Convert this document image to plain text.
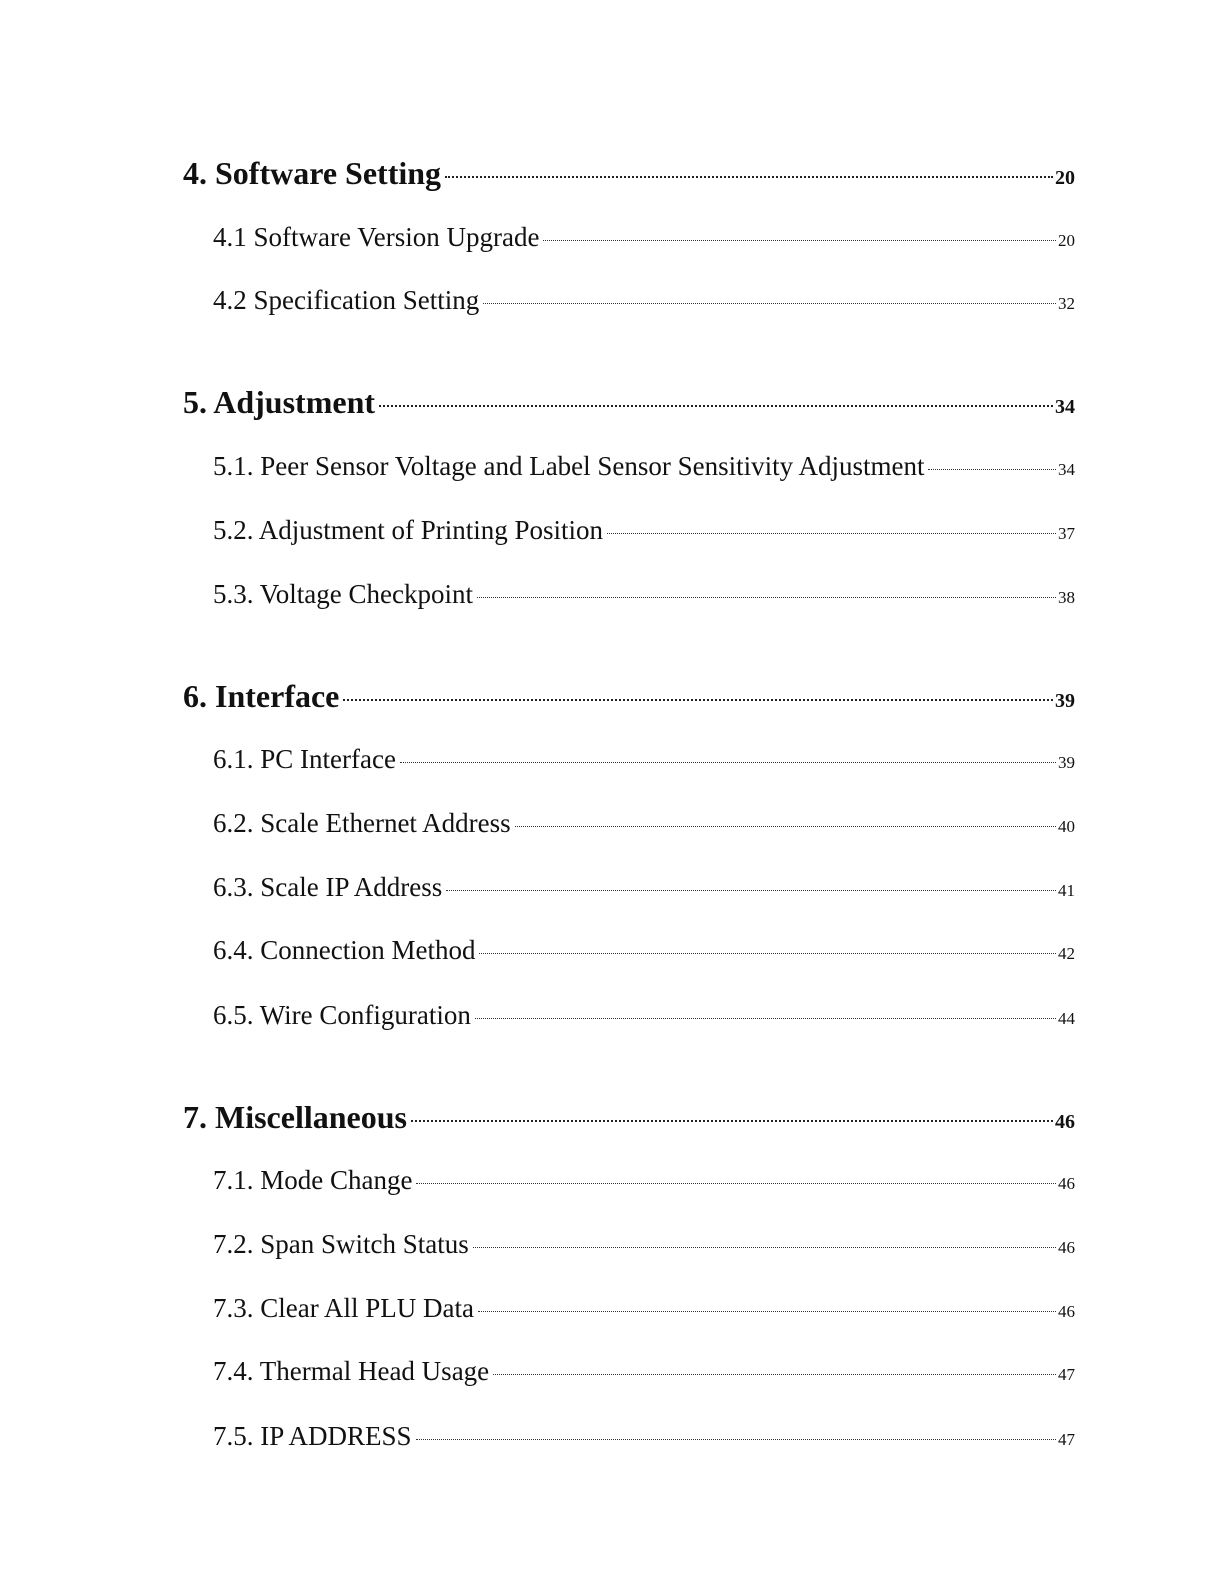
4. Software Setting	20
4.1 Software Version Upgrade	20
4.2 Specification Setting	32
5. Adjustment	34
5.1. Peer Sensor Voltage and Label Sensor Sensitivity Adjustment	34
5.2. Adjustment of Printing Position	37
5.3. Voltage Checkpoint	38
6. Interface	39
6.1. PC Interface	39
6.2. Scale Ethernet Address	40
6.3. Scale IP Address	41
6.4. Connection Method	42
6.5. Wire Configuration	44
7. Miscellaneous	46
7.1. Mode Change	46
7.2. Span Switch Status	46
7.3. Clear All PLU Data	46
7.4. Thermal Head Usage	47
7.5. IP ADDRESS	47
